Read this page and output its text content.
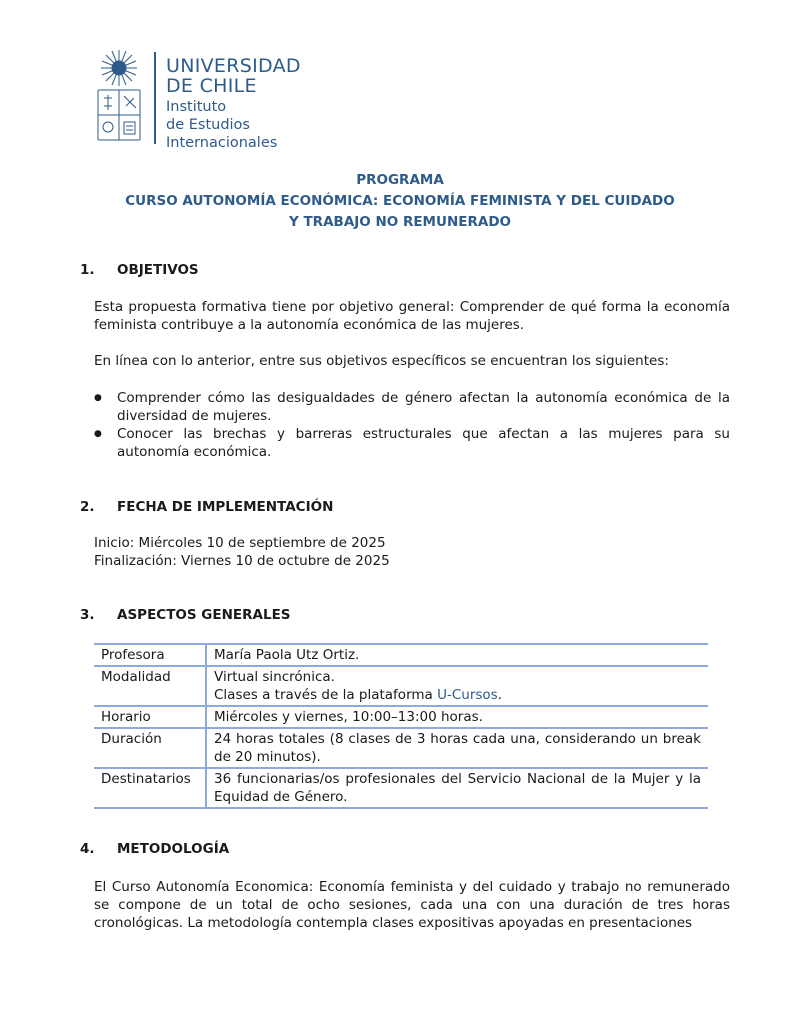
UNIVERSIDAD
DE CHILE
Instituto
de Estudios
Internacionales
PROGRAMA
CURSO AUTONOMÍA ECONÓMICA: ECONOMÍA FEMINISTA Y DEL CUIDADO
Y TRABAJO NO REMUNERADO
1. OBJETIVOS
Esta propuesta formativa tiene por objetivo general: Comprender de qué forma la economía feminista contribuye a la autonomía económica de las mujeres.
En línea con lo anterior, entre sus objetivos específicos se encuentran los siguientes:
● Comprender cómo las desigualdades de género afectan la autonomía económica de la diversidad de mujeres.
● Conocer las brechas y barreras estructurales que afectan a las mujeres para su autonomía económica.
2. FECHA DE IMPLEMENTACIÓN
Inicio: Miércoles 10 de septiembre de 2025
Finalización: Viernes 10 de octubre de 2025
3. ASPECTOS GENERALES
Profesora	María Paola Utz Ortiz.
Modalidad	Virtual sincrónica.
Clases a través de la plataforma U-Cursos.

Horario	Miércoles y viernes, 10:00–13:00 horas.
Duración	24 horas totales (8 clases de 3 horas cada una, considerando un break de 20 minutos).
Destinatarios	36 funcionarias/os profesionales del Servicio Nacional de la Mujer y la Equidad de Género.
4. METODOLOGÍA
El Curso Autonomía Economica: Economía feminista y del cuidado y trabajo no remunerado se compone de un total de ocho sesiones, cada una con una duración de tres horas cronológicas. La metodología contempla clases expositivas apoyadas en presentaciones
